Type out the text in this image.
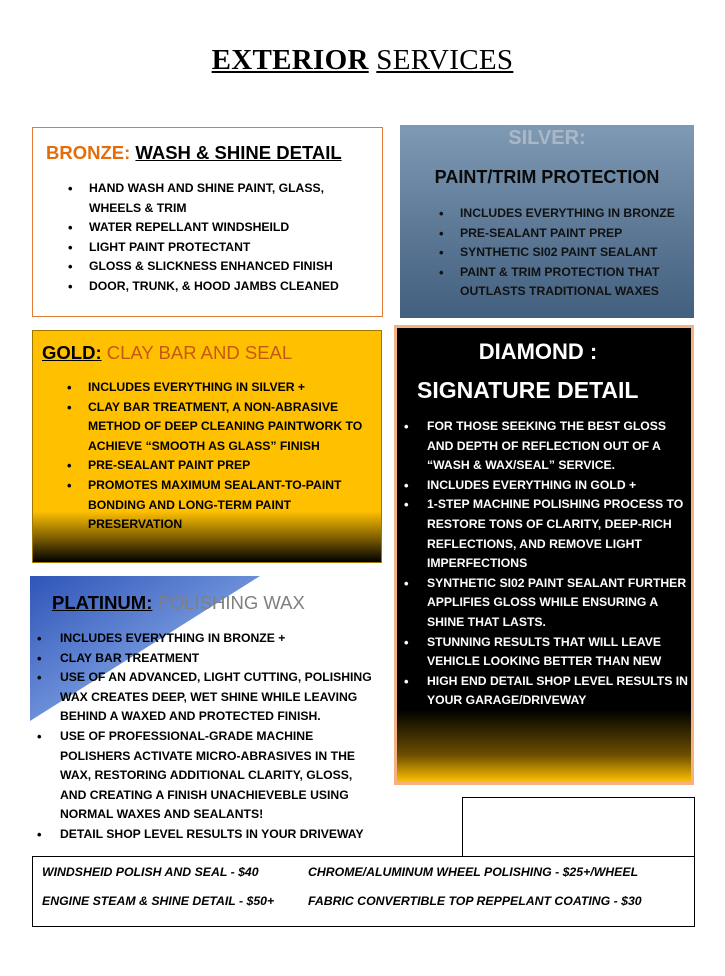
EXTERIOR SERVICES
BRONZE: WASH & SHINE DETAIL
• HAND WASH AND SHINE PAINT, GLASS, WHEELS & TRIM
• WATER REPELLANT WINDSHEILD
• LIGHT PAINT PROTECTANT
• GLOSS & SLICKNESS ENHANCED FINISH
• DOOR, TRUNK, & HOOD JAMBS CLEANED
SILVER:
PAINT/TRIM PROTECTION
• INCLUDES EVERYTHING IN BRONZE
• PRE-SEALANT PAINT PREP
• SYNTHETIC SI02 PAINT SEALANT
• PAINT & TRIM PROTECTION THAT OUTLASTS TRADITIONAL WAXES
GOLD: CLAY BAR AND SEAL
• INCLUDES EVERYTHING IN SILVER +
• CLAY BAR TREATMENT, A NON-ABRASIVE METHOD OF DEEP CLEANING PAINTWORK TO ACHIEVE “SMOOTH AS GLASS” FINISH
• PRE-SEALANT PAINT PREP
• PROMOTES MAXIMUM SEALANT-TO-PAINT BONDING AND LONG-TERM PAINT PRESERVATION
DIAMOND :
SIGNATURE DETAIL
• FOR THOSE SEEKING THE BEST GLOSS AND DEPTH OF REFLECTION OUT OF A “WASH & WAX/SEAL” SERVICE.
• INCLUDES EVERYTHING IN GOLD +
• 1-STEP MACHINE POLISHING PROCESS TO RESTORE TONS OF CLARITY, DEEP-RICH REFLECTIONS, AND REMOVE LIGHT IMPERFECTIONS
• SYNTHETIC SI02 PAINT SEALANT FURTHER APPLIFIES GLOSS WHILE ENSURING A SHINE THAT LASTS.
• STUNNING RESULTS THAT WILL LEAVE VEHICLE LOOKING BETTER THAN NEW
• HIGH END DETAIL SHOP LEVEL RESULTS IN YOUR GARAGE/DRIVEWAY
PLATINUM: POLISHING WAX
• INCLUDES EVERYTHING IN BRONZE +
• CLAY BAR TREATMENT
• USE OF AN ADVANCED, LIGHT CUTTING, POLISHING WAX CREATES DEEP, WET SHINE WHILE LEAVING BEHIND A WAXED AND PROTECTED FINISH.
• USE OF PROFESSIONAL-GRADE MACHINE POLISHERS ACTIVATE MICRO-ABRASIVES IN THE WAX, RESTORING ADDITIONAL CLARITY, GLOSS, AND CREATING A FINISH UNACHIEVEBLE USING NORMAL WAXES AND SEALANTS!
• DETAIL SHOP LEVEL RESULTS IN YOUR DRIVEWAY
WINDSHEID POLISH AND SEAL - $40	CHROME/ALUMINUM WHEEL POLISHING - $25+/WHEEL
ENGINE STEAM & SHINE DETAIL - $50+	FABRIC CONVERTIBLE TOP REPPELANT COATING - $30
